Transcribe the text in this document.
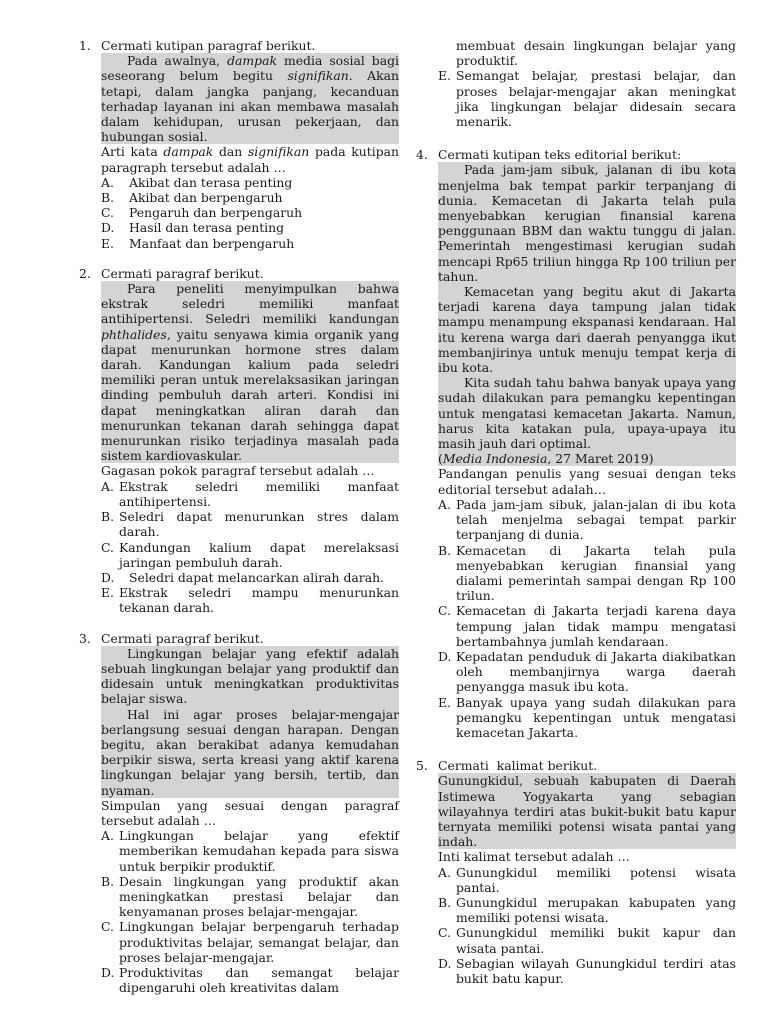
1. Cermati kutipan paragraf berikut.

Pada awalnya, dampak media sosial bagi seseorang belum begitu signifikan. Akan tetapi, dalam jangka panjang, kecanduan terhadap layanan ini akan membawa masalah dalam kehidupan, urusan pekerjaan, dan hubungan sosial.

Arti kata dampak dan signifikan pada kutipan paragraph tersebut adalah …
A. Akibat dan terasa penting
B. Akibat dan berpengaruh
C. Pengaruh dan berpengaruh
D. Hasil dan terasa penting
E. Manfaat dan berpengaruh
2. Cermati paragraf berikut.

Para peneliti menyimpulkan bahwa ekstrak seledri memiliki manfaat antihipertensi. Seledri memiliki kandungan phthalides, yaitu senyawa kimia organik yang dapat menurunkan hormone stres dalam darah. Kandungan kalium pada seledri memiliki peran untuk merelaksasikan jaringan dinding pembuluh darah arteri. Kondisi ini dapat meningkatkan aliran darah dan menurunkan tekanan darah sehingga dapat menurunkan risiko terjadinya masalah pada sistem kardiovaskular.

Gagasan pokok paragraf tersebut adalah …
A. Ekstrak seledri memiliki manfaat antihipertensi.
B. Seledri dapat menurunkan stres dalam darah.
C. Kandungan kalium dapat merelaksasi jaringan pembuluh darah.
D. Seledri dapat melancarkan alirah darah.
E. Ekstrak seledri mampu menurunkan tekanan darah.
3. Cermati paragraf berikut.

Lingkungan belajar yang efektif adalah sebuah lingkungan belajar yang produktif dan didesain untuk meningkatkan produktivitas belajar siswa.

Hal ini agar proses belajar-mengajar berlangsung sesuai dengan harapan. Dengan begitu, akan berakibat adanya kemudahan berpikir siswa, serta kreasi yang aktif karena lingkungan belajar yang bersih, tertib, dan nyaman.

Simpulan yang sesuai dengan paragraf tersebut adalah …
A. Lingkungan belajar yang efektif memberikan kemudahan kepada para siswa untuk berpikir produktif.
B. Desain lingkungan yang produktif akan meningkatkan prestasi belajar dan kenyamanan proses belajar-mengajar.
C. Lingkungan belajar berpengaruh terhadap produktivitas belajar, semangat belajar, dan proses belajar-mengajar.
D. Produktivitas dan semangat belajar dipengaruhi oleh kreativitas dalam
membuat desain lingkungan belajar yang produktif.
E. Semangat belajar, prestasi belajar, dan proses belajar-mengajar akan meningkat jika lingkungan belajar didesain secara menarik.
4. Cermati kutipan teks editorial berikut:

Pada jam-jam sibuk, jalanan di ibu kota menjelma bak tempat parkir terpanjang di dunia. Kemacetan di Jakarta telah pula menyebabkan kerugian finansial karena penggunaan BBM dan waktu tunggu di jalan. Pemerintah mengestimasi kerugian sudah mencapi Rp65 triliun hingga Rp 100 triliun per tahun.

Kemacetan yang begitu akut di Jakarta terjadi karena daya tampung jalan tidak mampu menampung ekspanasi kendaraan. Hal itu kerena warga dari daerah penyangga ikut membanjirinya untuk menuju tempat kerja di ibu kota.

Kita sudah tahu bahwa banyak upaya yang sudah dilakukan para pemangku kepentingan untuk mengatasi kemacetan Jakarta. Namun, harus kita katakan pula, upaya-upaya itu masih jauh dari optimal.

(Media Indonesia, 27 Maret 2019)

Pandangan penulis yang sesuai dengan teks editorial tersebut adalah…
A. Pada jam-jam sibuk, jalan-jalan di ibu kota telah menjelma sebagai tempat parkir terpanjang di dunia.
B. Kemacetan di Jakarta telah pula menyebabkan kerugian finansial yang dialami pemerintah sampai dengan Rp 100 trilun.
C. Kemacetan di Jakarta terjadi karena daya tempung jalan tidak mampu mengatasi bertambahnya jumlah kendaraan.
D. Kepadatan penduduk di Jakarta diakibatkan oleh membanjirnya warga daerah penyangga masuk ibu kota.
E. Banyak upaya yang sudah dilakukan para pemangku kepentingan untuk mengatasi kemacetan Jakarta.
5. Cermati  kalimat berikut.

Gunungkidul, sebuah kabupaten di Daerah Istimewa Yogyakarta yang sebagian wilayahnya terdiri atas bukit-bukit batu kapur ternyata memiliki potensi wisata pantai yang indah.

Inti kalimat tersebut adalah …
A. Gunungkidul memiliki potensi wisata pantai.
B. Gunungkidul merupakan kabupaten yang memiliki potensi wisata.
C. Gunungkidul memiliki bukit kapur dan wisata pantai.
D. Sebagian wilayah Gunungkidul terdiri atas bukit batu kapur.
